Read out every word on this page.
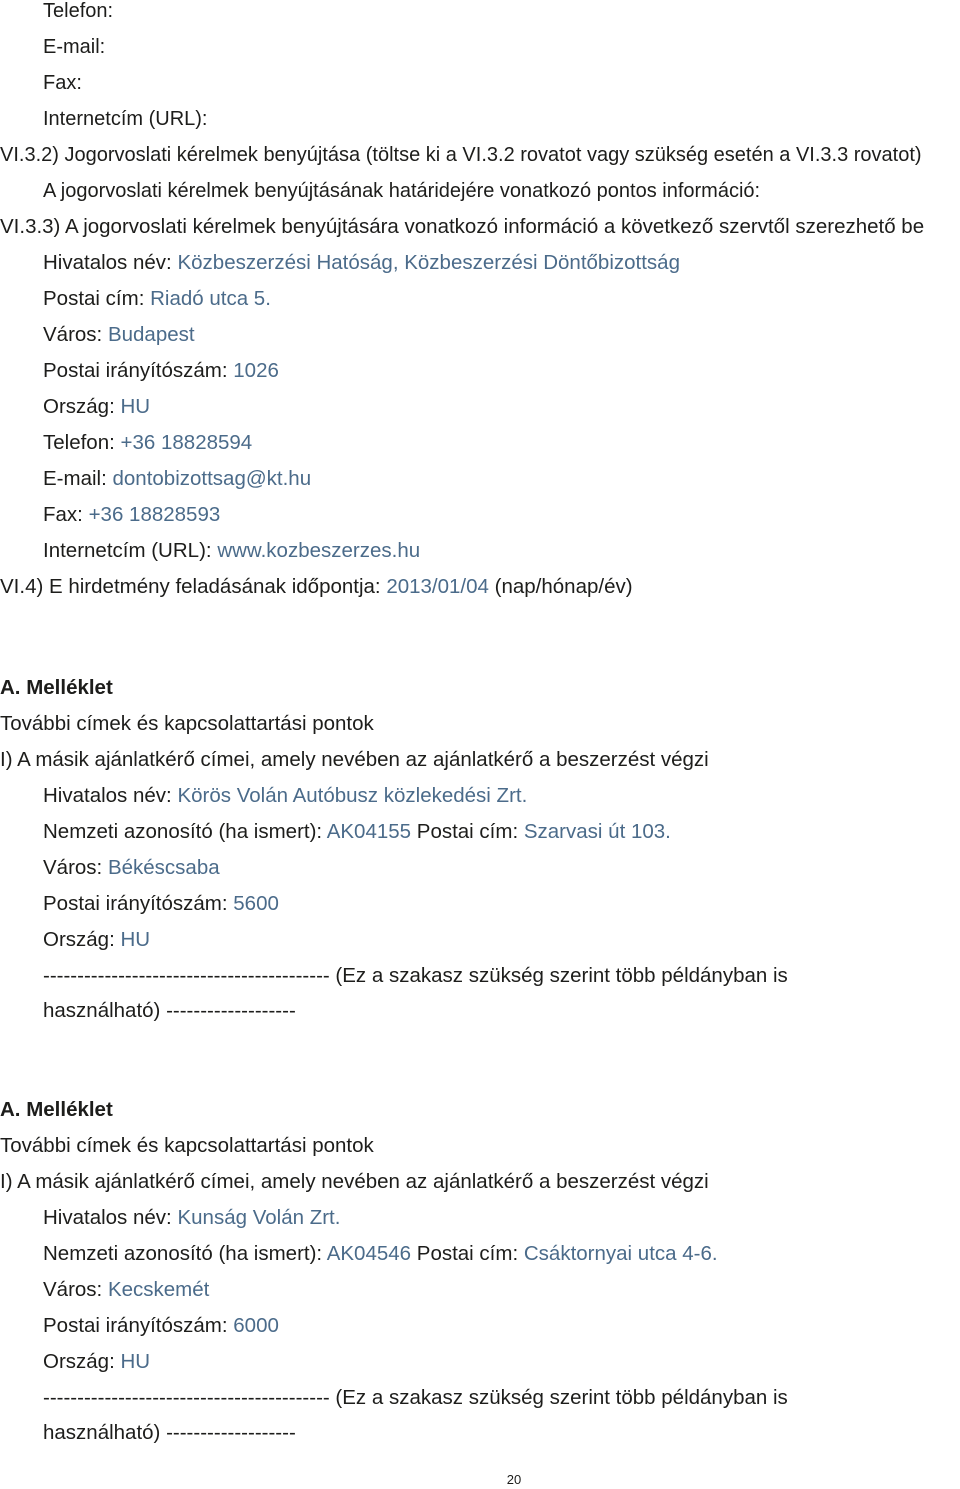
Telefon:
E-mail:
Fax:
Internetcím (URL):
VI.3.2) Jogorvoslati kérelmek benyújtása (töltse ki a VI.3.2 rovatot vagy szükség esetén a VI.3.3 rovatot)
A jogorvoslati kérelmek benyújtásának határidejére vonatkozó pontos információ:
VI.3.3) A jogorvoslati kérelmek benyújtására vonatkozó információ a következő szervtől szerezhető be
Hivatalos név: Közbeszerzési Hatóság, Közbeszerzési Döntőbizottság
Postai cím: Riadó utca 5.
Város: Budapest
Postai irányítószám: 1026
Ország: HU
Telefon: +36 18828594
E-mail: dontobizottsag@kt.hu
Fax: +36 18828593
Internetcím (URL): www.kozbeszerzes.hu
VI.4) E hirdetmény feladásának időpontja: 2013/01/04 (nap/hónap/év)
A. Melléklet
További címek és kapcsolattartási pontok
I) A másik ajánlatkérő címei, amely nevében az ajánlatkérő a beszerzést végzi
Hivatalos név: Körös Volán Autóbusz közlekedési Zrt.
Nemzeti azonosító (ha ismert): AK04155 Postai cím: Szarvasi út 103.
Város: Békéscsaba
Postai irányítószám: 5600
Ország: HU
------------------------------------------ (Ez a szakasz szükség szerint több példányban is
használható) -------------------
A. Melléklet
További címek és kapcsolattartási pontok
I) A másik ajánlatkérő címei, amely nevében az ajánlatkérő a beszerzést végzi
Hivatalos név: Kunság Volán Zrt.
Nemzeti azonosító (ha ismert): AK04546 Postai cím: Csáktornyai utca 4-6.
Város: Kecskemét
Postai irányítószám: 6000
Ország: HU
------------------------------------------ (Ez a szakasz szükség szerint több példányban is
használható) -------------------
20
